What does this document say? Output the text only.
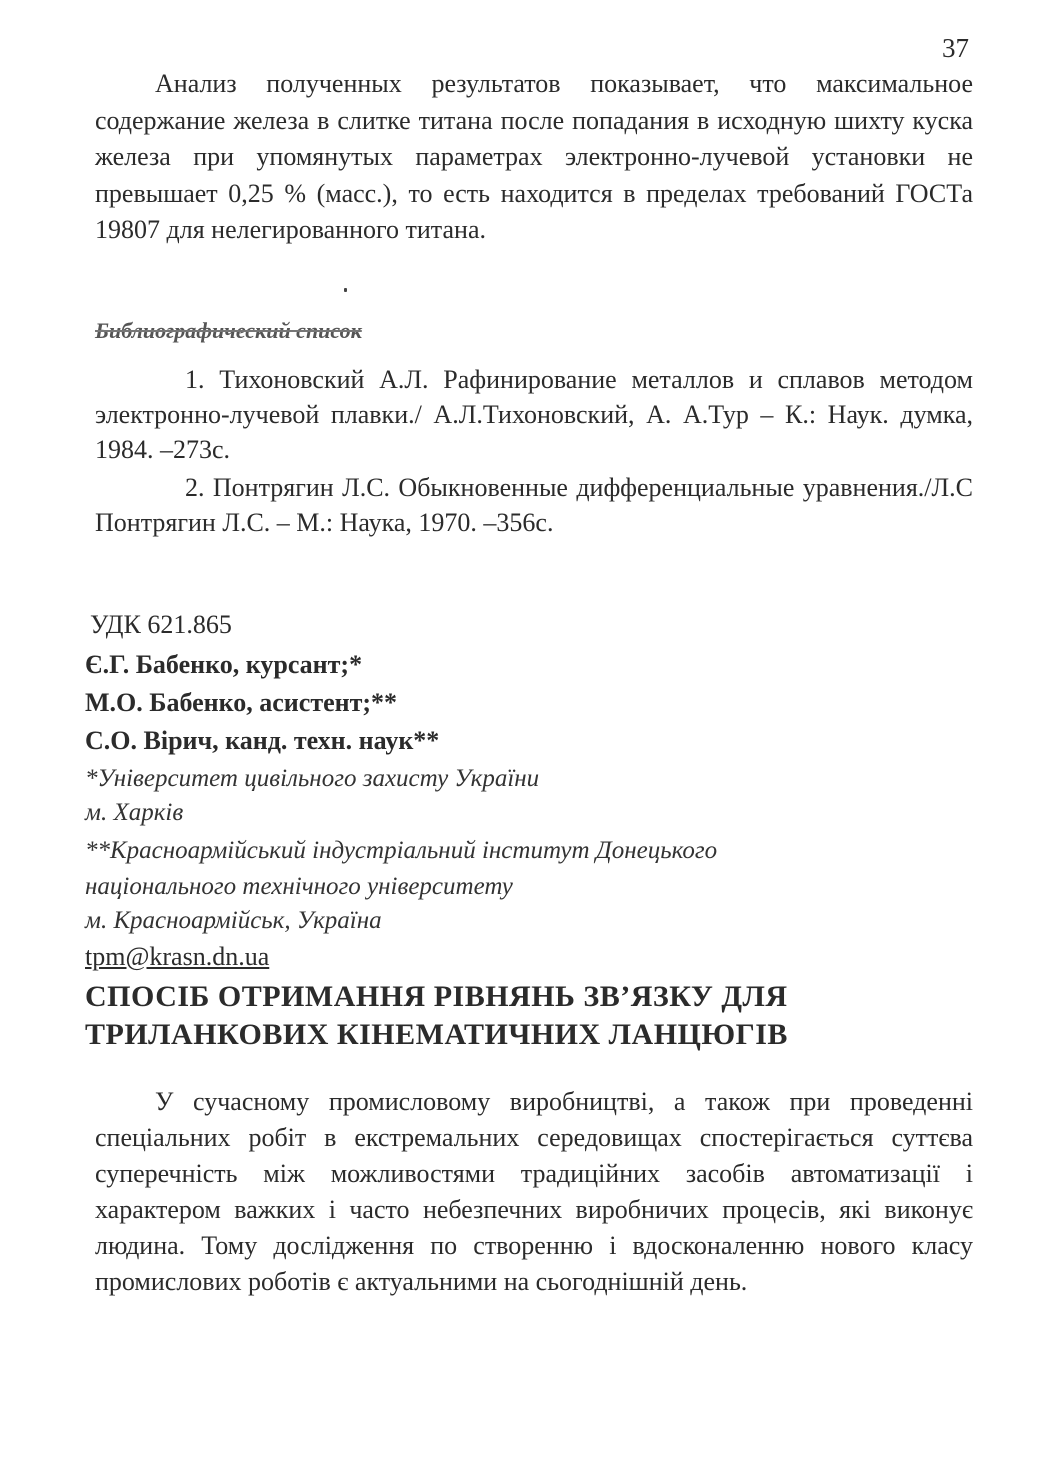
37

Анализ полученных результатов показывает, что максимальное содержание железа в слитке титана после попадания в исходную шихту куска железа при упомянутых параметрах электронно-лучевой установки не превышает 0,25 % (масс.), то есть находится в пределах требований ГОСТа 19807 для нелегированного титана.

Библиографический список

1. Тихоновский А.Л. Рафинирование металлов и сплавов методом электронно-лучевой плавки./ А.Л.Тихоновский, А. А.Тур – К.: Наук. думка, 1984. –273с.

2. Понтрягин Л.С. Обыкновенные дифференциальные уравнения./Л.С Понтрягин Л.С. – М.: Наука, 1970. –356с.

УДК 621.865
Є.Г. Бабенко, курсант;*
М.О. Бабенко, асистент;**
С.О. Вірич, канд. техн. наук**
*Університет цивільного захисту України
м. Харків
**Красноармійський індустріальний інститут Донецького
національного технічного університету
м. Красноармійськ, Україна
tpm@krasn.dn.ua
СПОСІБ ОТРИМАННЯ РІВНЯНЬ ЗВ’ЯЗКУ ДЛЯ
ТРИЛАНКОВИХ КІНЕМАТИЧНИХ ЛАНЦЮГІВ

У сучасному промисловому виробництві, а також при проведенні спеціальних робіт в екстремальних середовищах спостерігається суттєва суперечність між можливостями традиційних засобів автоматизації і характером важких і часто небезпечних виробничих процесів, які виконує людина. Тому дослідження по створенню і вдосконаленню нового класу промислових роботів є актуальними на сьогоднішній день.
